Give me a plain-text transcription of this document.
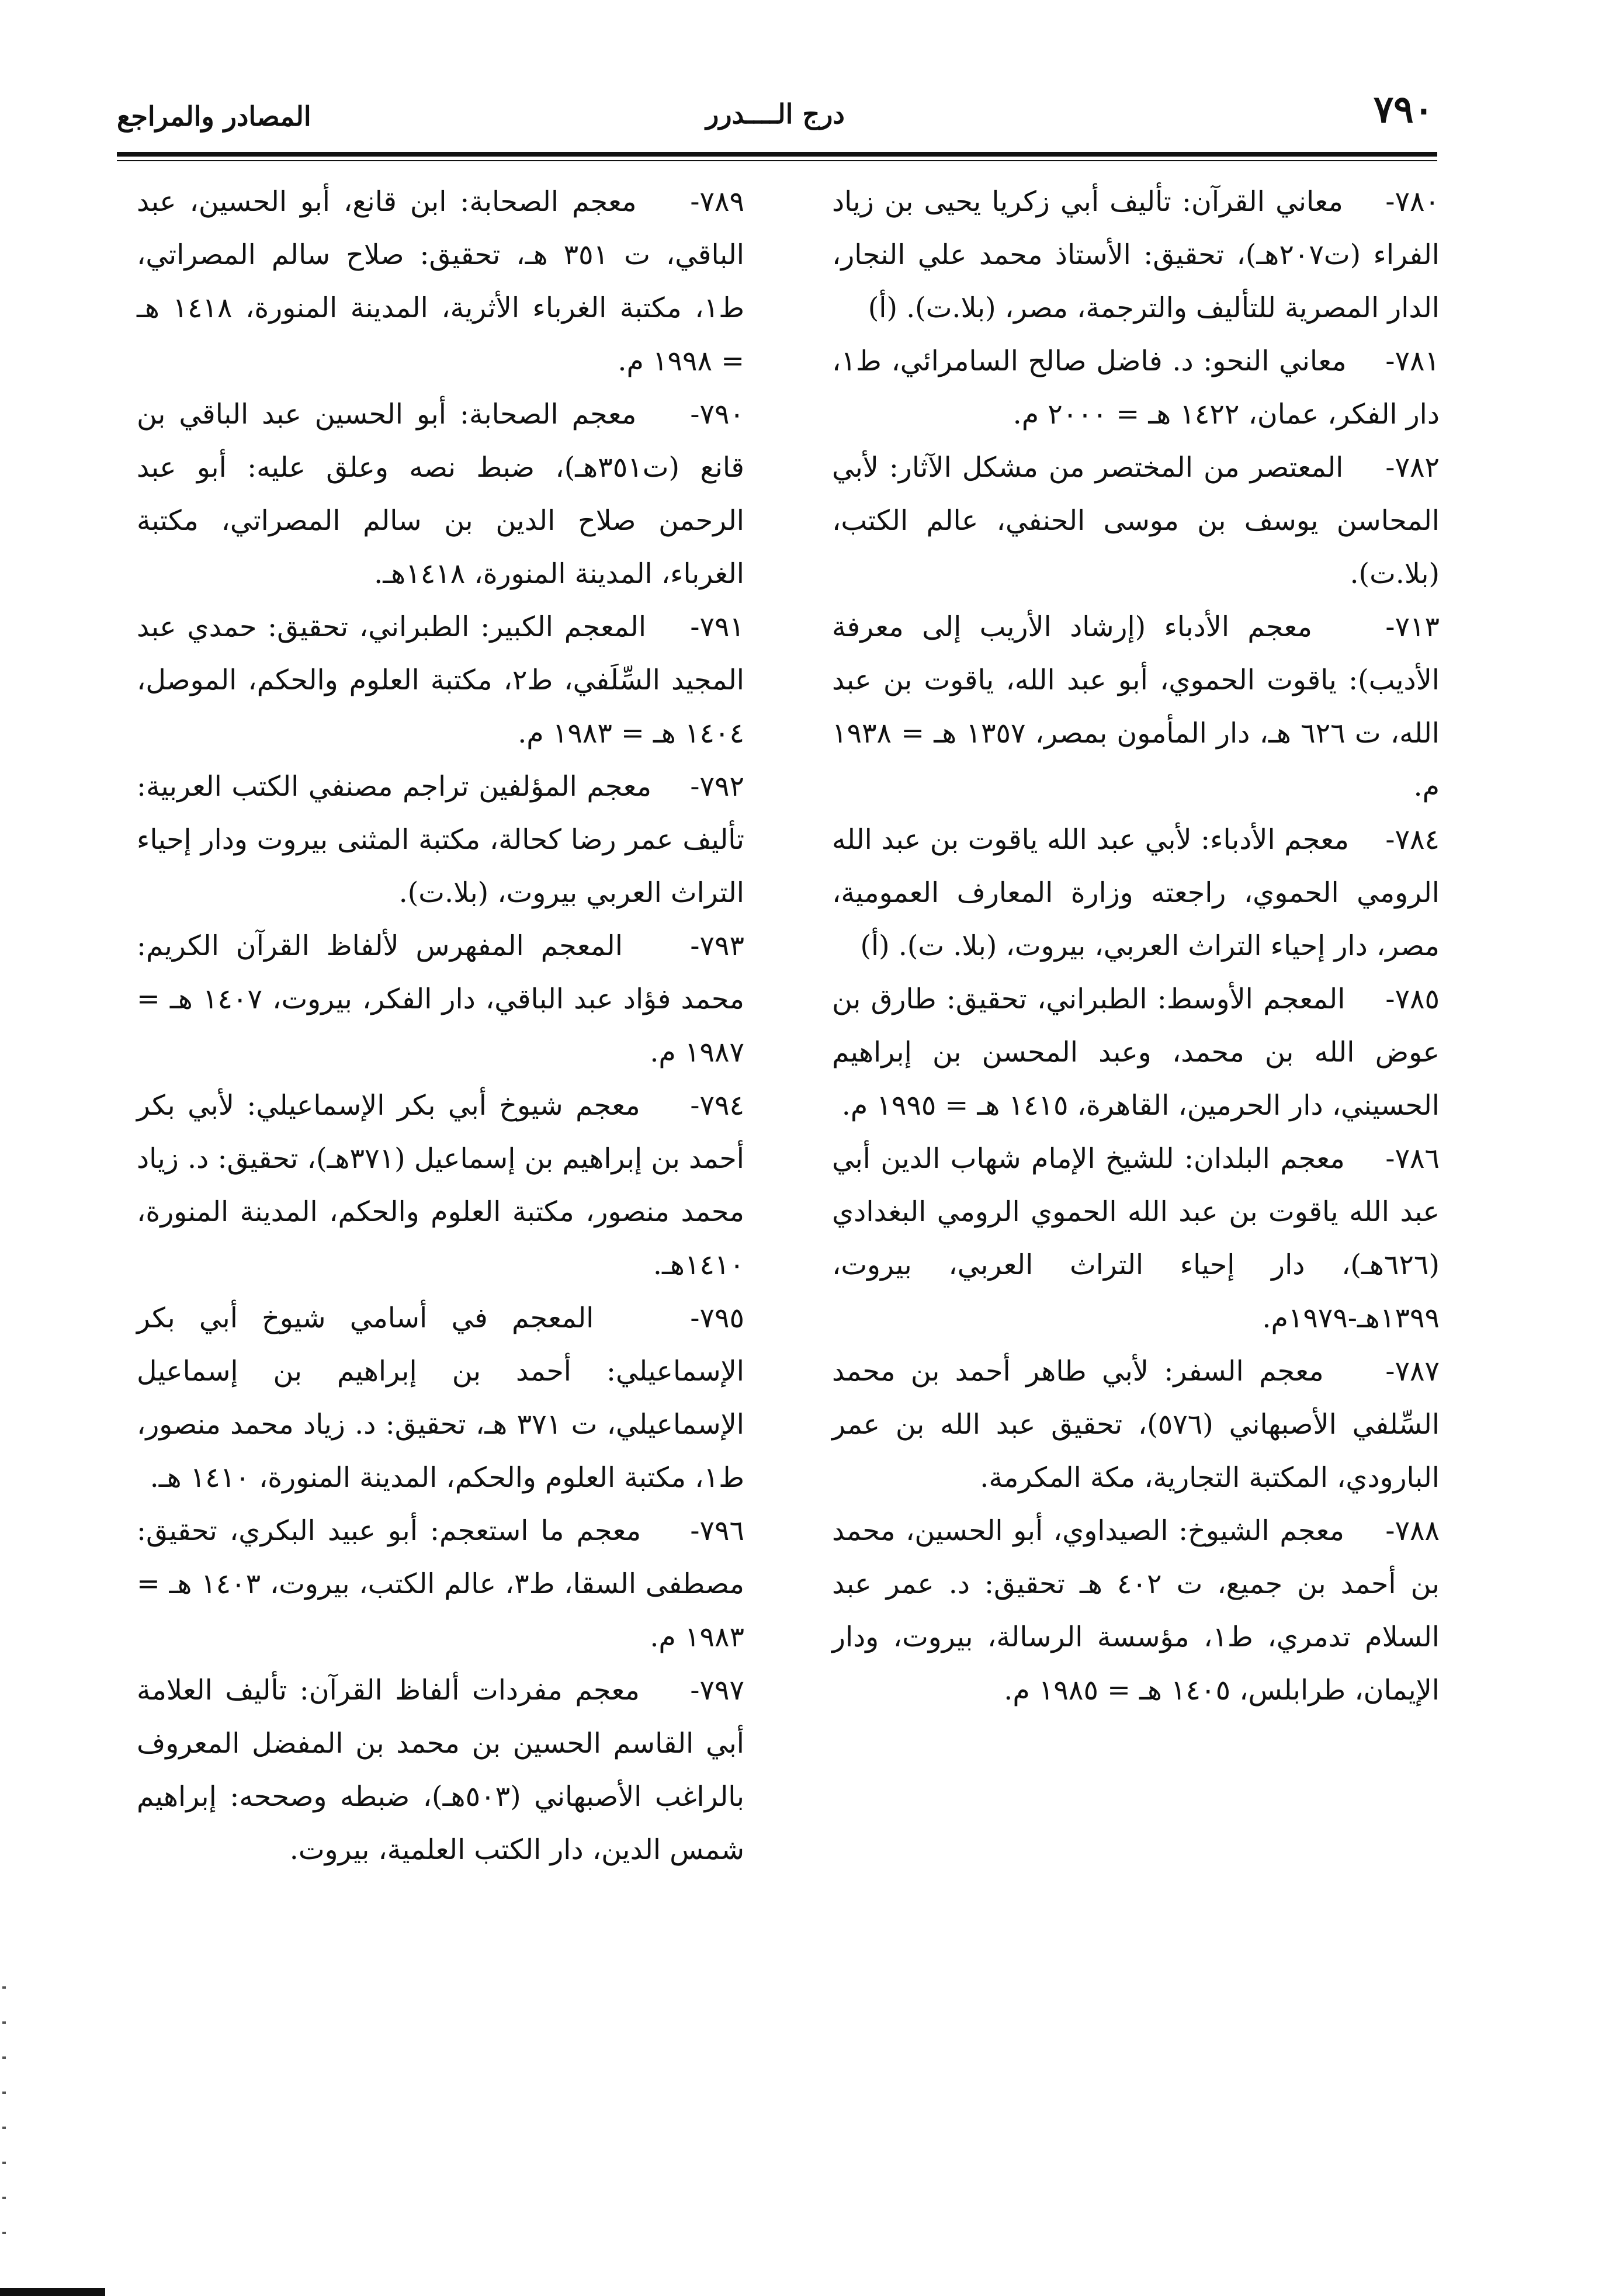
٧٩٠
درج الــــدرر
المصادر والمراجع

٧٨٠-    معاني القرآن: تأليف أبي زكريا يحيى بن زياد الفراء (ت٢٠٧هـ)، تحقيق: الأستاذ محمد علي النجار، الدار المصرية للتأليف والترجمة، مصر، (بلا.ت). (أ)

٧٨١-    معاني النحو: د. فاضل صالح السامرائي، ط١، دار الفكر، عمان، ١٤٢٢ هـ = ٢٠٠٠ م.

٧٨٢-    المعتصر من المختصر من مشكل الآثار: لأبي المحاسن يوسف بن موسى الحنفي، عالم الكتب، (بلا.ت).

٧١٣-    معجم الأدباء (إرشاد الأريب إلى معرفة الأديب): ياقوت الحموي، أبو عبد الله، ياقوت بن عبد الله، ت ٦٢٦ هـ، دار المأمون بمصر، ١٣٥٧ هـ = ١٩٣٨ م.

٧٨٤-    معجم الأدباء: لأبي عبد الله ياقوت بن عبد الله الرومي الحموي، راجعته وزارة المعارف العمومية، مصر، دار إحياء التراث العربي، بيروت، (بلا. ت). (أ)

٧٨٥-    المعجم الأوسط: الطبراني، تحقيق: طارق بن عوض الله بن محمد، وعبد المحسن بن إبراهيم الحسيني، دار الحرمين، القاهرة، ١٤١٥ هـ = ١٩٩٥ م.

٧٨٦-    معجم البلدان: للشيخ الإمام شهاب الدين أبي عبد الله ياقوت بن عبد الله الحموي الرومي البغدادي (٦٢٦هـ)، دار إحياء التراث العربي، بيروت، ١٣٩٩هـ-١٩٧٩م.

٧٨٧-    معجم السفر: لأبي طاهر أحمد بن محمد السِّلفي الأصبهاني (٥٧٦)، تحقيق عبد الله بن عمر البارودي، المكتبة التجارية، مكة المكرمة.

٧٨٨-    معجم الشيوخ: الصيداوي، أبو الحسين، محمد بن أحمد بن جميع، ت ٤٠٢ هـ تحقيق: د. عمر عبد السلام تدمري، ط١، مؤسسة الرسالة، بيروت، ودار الإيمان، طرابلس، ١٤٠٥ هـ = ١٩٨٥ م.

٧٨٩-    معجم الصحابة: ابن قانع، أبو الحسين، عبد الباقي، ت ٣٥١ هـ، تحقيق: صلاح سالم المصراتي، ط١، مكتبة الغرباء الأثرية، المدينة المنورة، ١٤١٨ هـ = ١٩٩٨ م.

٧٩٠-    معجم الصحابة: أبو الحسين عبد الباقي بن قانع (ت٣٥١هـ)، ضبط نصه وعلق عليه: أبو عبد الرحمن صلاح الدين بن سالم المصراتي، مكتبة الغرباء، المدينة المنورة، ١٤١٨هـ.

٧٩١-    المعجم الكبير: الطبراني، تحقيق: حمدي عبد المجيد السِّلَفي، ط٢، مكتبة العلوم والحكم، الموصل، ١٤٠٤ هـ = ١٩٨٣ م.

٧٩٢-    معجم المؤلفين تراجم مصنفي الكتب العربية: تأليف عمر رضا كحالة، مكتبة المثنى بيروت ودار إحياء التراث العربي بيروت، (بلا.ت).

٧٩٣-    المعجم المفهرس لألفاظ القرآن الكريم: محمد فؤاد عبد الباقي، دار الفكر، بيروت، ١٤٠٧ هـ = ١٩٨٧ م.

٧٩٤-    معجم شيوخ أبي بكر الإسماعيلي: لأبي بكر أحمد بن إبراهيم بن إسماعيل (٣٧١هـ)، تحقيق: د. زياد محمد منصور، مكتبة العلوم والحكم، المدينة المنورة، ١٤١٠هـ.

٧٩٥-    المعجم في أسامي شيوخ أبي بكر الإسماعيلي: أحمد بن إبراهيم بن إسماعيل الإسماعيلي، ت ٣٧١ هـ، تحقيق: د. زياد محمد منصور، ط١، مكتبة العلوم والحكم، المدينة المنورة، ١٤١٠ هـ.

٧٩٦-    معجم ما استعجم: أبو عبيد البكري، تحقيق: مصطفى السقا، ط٣، عالم الكتب، بيروت، ١٤٠٣ هـ = ١٩٨٣ م.

٧٩٧-    معجم مفردات ألفاظ القرآن: تأليف العلامة أبي القاسم الحسين بن محمد بن المفضل المعروف بالراغب الأصبهاني (٥٠٣هـ)، ضبطه وصححه: إبراهيم شمس الدين، دار الكتب العلمية، بيروت.
